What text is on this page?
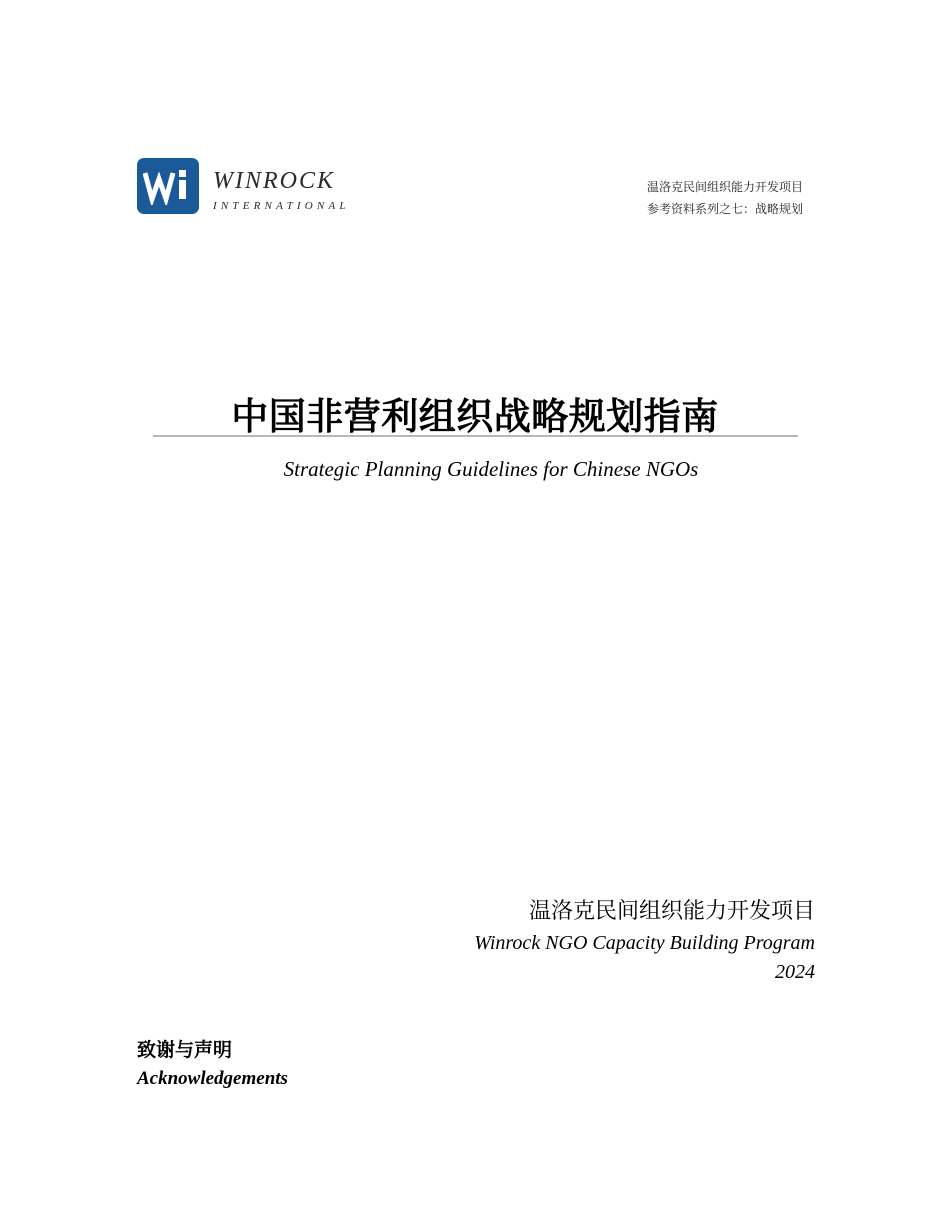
WINROCK
INTERNATIONAL
温洛克民间组织能力开发项目
参考资料系列之七：战略规划
中国非营利组织战略规划指南
Strategic Planning Guidelines for Chinese NGOs
温洛克民间组织能力开发项目
Winrock NGO Capacity Building Program
2024
致谢与声明
Acknowledgements
